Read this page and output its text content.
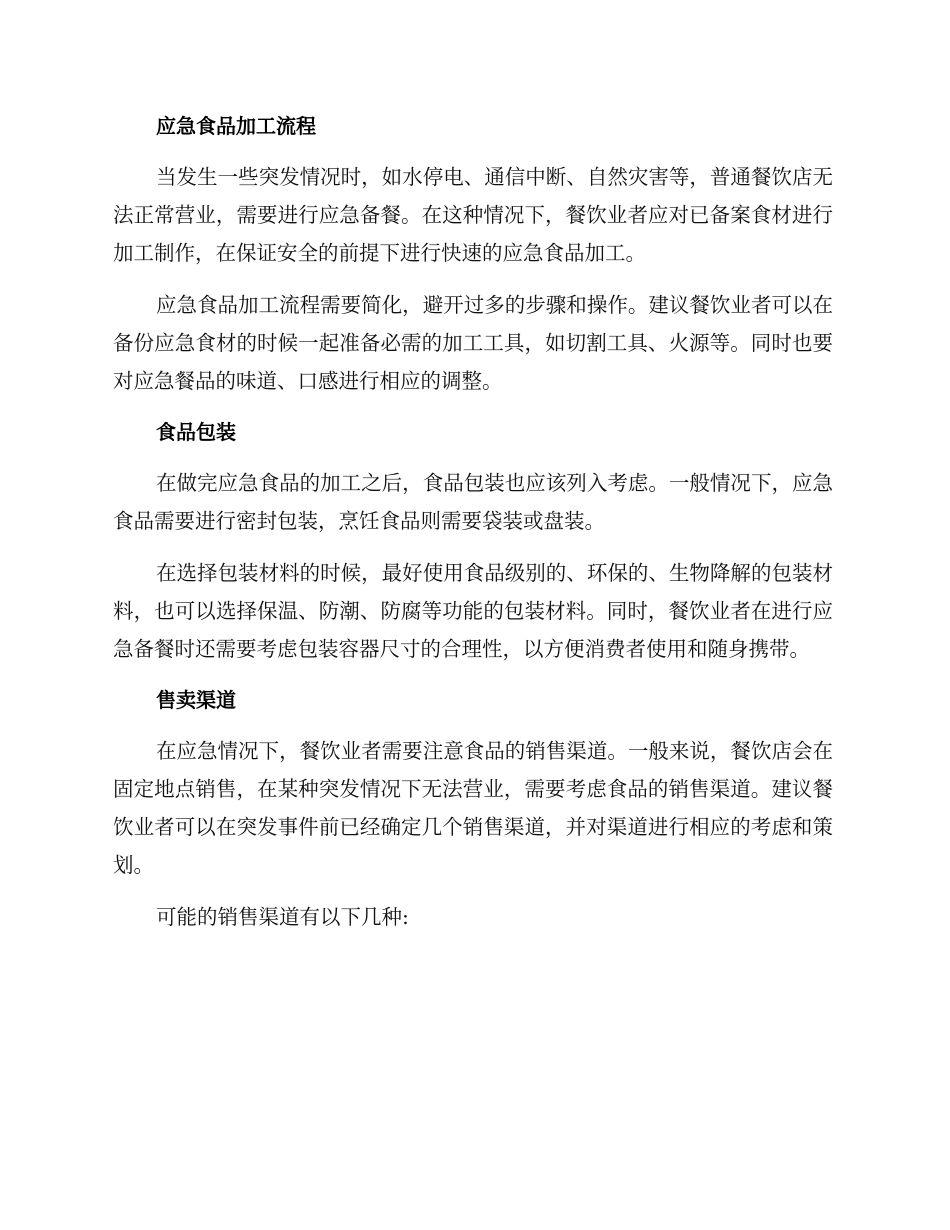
应急食品加工流程

当发生一些突发情况时，如水停电、通信中断、自然灾害等，普通餐饮店无法正常营业，需要进行应急备餐。在这种情况下，餐饮业者应对已备案食材进行加工制作，在保证安全的前提下进行快速的应急食品加工。

应急食品加工流程需要简化，避开过多的步骤和操作。建议餐饮业者可以在备份应急食材的时候一起准备必需的加工工具，如切割工具、火源等。同时也要对应急餐品的味道、口感进行相应的调整。

食品包装

在做完应急食品的加工之后，食品包装也应该列入考虑。一般情况下，应急食品需要进行密封包装，烹饪食品则需要袋装或盘装。

在选择包装材料的时候，最好使用食品级别的、环保的、生物降解的包装材料，也可以选择保温、防潮、防腐等功能的包装材料。同时，餐饮业者在进行应急备餐时还需要考虑包装容器尺寸的合理性，以方便消费者使用和随身携带。

售卖渠道

在应急情况下，餐饮业者需要注意食品的销售渠道。一般来说，餐饮店会在固定地点销售，在某种突发情况下无法营业，需要考虑食品的销售渠道。建议餐饮业者可以在突发事件前已经确定几个销售渠道，并对渠道进行相应的考虑和策划。

可能的销售渠道有以下几种:
